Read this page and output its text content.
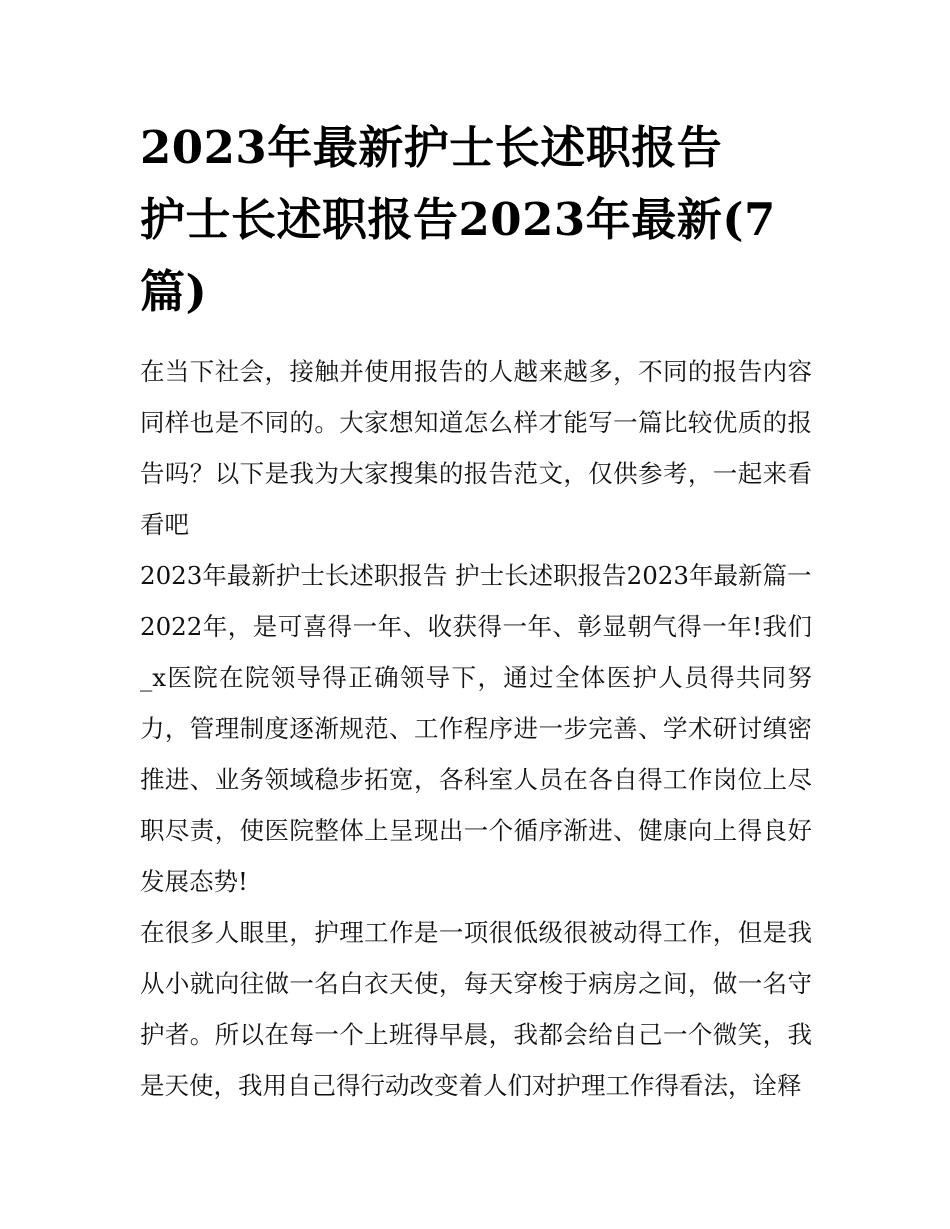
2023年最新护士长述职报告
护士长述职报告2023年最新(7篇)

在当下社会，接触并使用报告的人越来越多，不同的报告内容同样也是不同的。大家想知道怎么样才能写一篇比较优质的报告吗？以下是我为大家搜集的报告范文，仅供参考，一起来看看吧

2023年最新护士长述职报告 护士长述职报告2023年最新篇一

2022年，是可喜得一年、收获得一年、彰显朝气得一年!我们_x医院在院领导得正确领导下，通过全体医护人员得共同努力，管理制度逐渐规范、工作程序进一步完善、学术研讨缜密推进、业务领域稳步拓宽，各科室人员在各自得工作岗位上尽职尽责，使医院整体上呈现出一个循序渐进、健康向上得良好发展态势!

在很多人眼里，护理工作是一项很低级很被动得工作，但是我从小就向往做一名白衣天使，每天穿梭于病房之间，做一名守护者。所以在每一个上班得早晨，我都会给自己一个微笑，我是天使，我用自己得行动改变着人们对护理工作得看法，诠释
